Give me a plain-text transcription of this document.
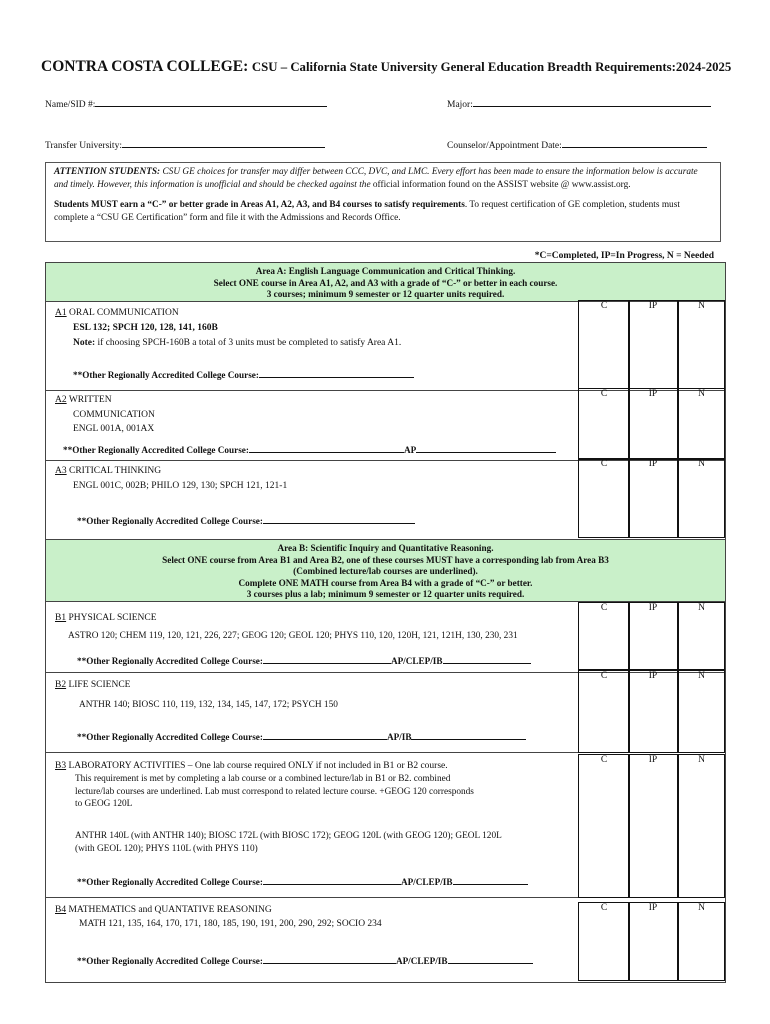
CONTRA COSTA COLLEGE: CSU – California State University General Education Breadth Requirements:2024-2025
Name/SID #:	Major:
Transfer University:	Counselor/Appointment Date:

ATTENTION STUDENTS: CSU GE choices for transfer may differ between CCC, DVC, and LMC. Every effort has been made to ensure the information below is accurate and timely. However, this information is unofficial and should be checked against the official information found on the ASSIST website @ www.assist.org.

Students MUST earn a “C-” or better grade in Areas A1, A2, A3, and B4 courses to satisfy requirements. To request certification of GE completion, students must complete a “CSU GE Certification” form and file it with the Admissions and Records Office.

*C=Completed, IP=In Progress, N = Needed
Area A: English Language Communication and Critical Thinking.
Select ONE course in Area A1, A2, and A3 with a grade of “C-” or better in each course.
3 courses; minimum 9 semester or 12 quarter units required.
A1 ORAL COMMUNICATION
ESL 132; SPCH 120, 128, 141, 160B
Note: if choosing SPCH-160B a total of 3 units must be completed to satisfy Area A1.
**Other Regionally Accredited College Course:
A2 WRITTEN
COMMUNICATION
ENGL 001A, 001AX
**Other Regionally Accredited College Course:	AP
A3 CRITICAL THINKING
ENGL 001C, 002B; PHILO 129, 130; SPCH 121, 121-1
**Other Regionally Accredited College Course:
Area B: Scientific Inquiry and Quantitative Reasoning.
Select ONE course from Area B1 and Area B2, one of these courses MUST have a corresponding lab from Area B3
(Combined lecture/lab courses are underlined).
Complete ONE MATH course from Area B4 with a grade of “C-” or better.
3 courses plus a lab; minimum 9 semester or 12 quarter units required.
B1 PHYSICAL SCIENCE
ASTRO 120; CHEM 119, 120, 121, 226, 227; GEOG 120; GEOL 120; PHYS 110, 120, 120H, 121, 121H, 130, 230, 231
**Other Regionally Accredited College Course:	AP/CLEP/IB
B2 LIFE SCIENCE
ANTHR 140; BIOSC 110, 119, 132, 134, 145, 147, 172; PSYCH 150
**Other Regionally Accredited College Course:	AP/IB
B3 LABORATORY ACTIVITIES – One lab course required ONLY if not included in B1 or B2 course.
This requirement is met by completing a lab course or a combined lecture/lab in B1 or B2. combined
lecture/lab courses are underlined. Lab must correspond to related lecture course. +GEOG 120 corresponds
to GEOG 120L
ANTHR 140L (with ANTHR 140); BIOSC 172L (with BIOSC 172); GEOG 120L (with GEOG 120); GEOL 120L
(with GEOL 120); PHYS 110L (with PHYS 110)
**Other Regionally Accredited College Course:	AP/CLEP/IB
B4 MATHEMATICS and QUANTATIVE REASONING
MATH 121, 135, 164, 170, 171, 180, 185, 190, 191, 200, 290, 292; SOCIO 234
**Other Regionally Accredited College Course:	AP/CLEP/IB
C	IP	N
C	IP	N
C	IP	N
C	IP	N
C	IP	N
C	IP	N
C	IP	N
